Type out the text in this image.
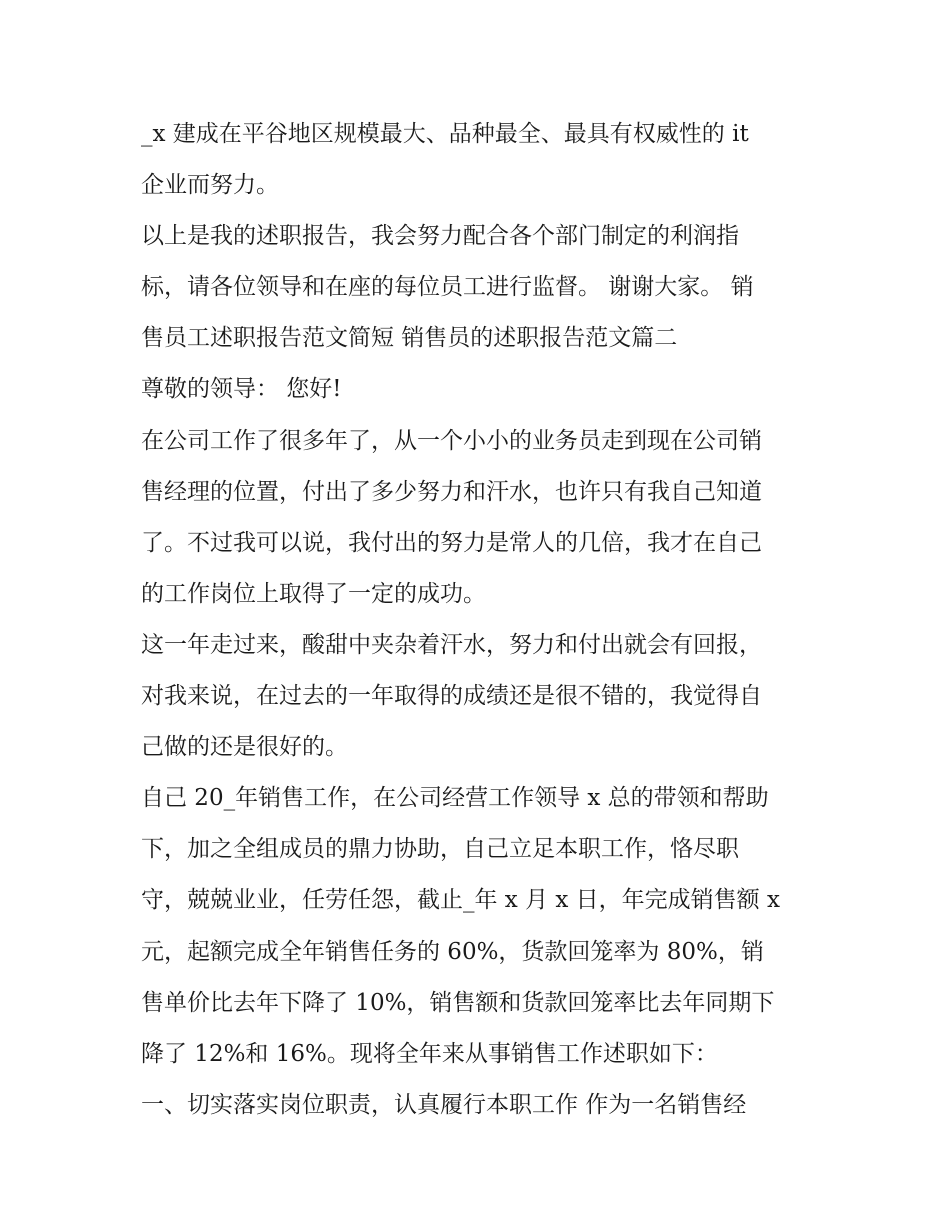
_x 建成在平谷地区规模最大、品种最全、最具有权威性的 it
企业而努力。
以上是我的述职报告，我会努力配合各个部门制定的利润指
标，请各位领导和在座的每位员工进行监督。 谢谢大家。 销
售员工述职报告范文简短 销售员的述职报告范文篇二
尊敬的领导： 您好!
在公司工作了很多年了，从一个小小的业务员走到现在公司销
售经理的位置，付出了多少努力和汗水，也许只有我自己知道
了。不过我可以说，我付出的努力是常人的几倍，我才在自己
的工作岗位上取得了一定的成功。
这一年走过来，酸甜中夹杂着汗水，努力和付出就会有回报，
对我来说，在过去的一年取得的成绩还是很不错的，我觉得自
己做的还是很好的。
自己 20_年销售工作，在公司经营工作领导 x 总的带领和帮助
下，加之全组成员的鼎力协助，自己立足本职工作，恪尽职
守，兢兢业业，任劳任怨，截止_年 x 月 x 日，年完成销售额 x
元，起额完成全年销售任务的 60%，货款回笼率为 80%，销
售单价比去年下降了 10%，销售额和货款回笼率比去年同期下
降了 12%和 16%。现将全年来从事销售工作述职如下：
一、切实落实岗位职责，认真履行本职工作 作为一名销售经
